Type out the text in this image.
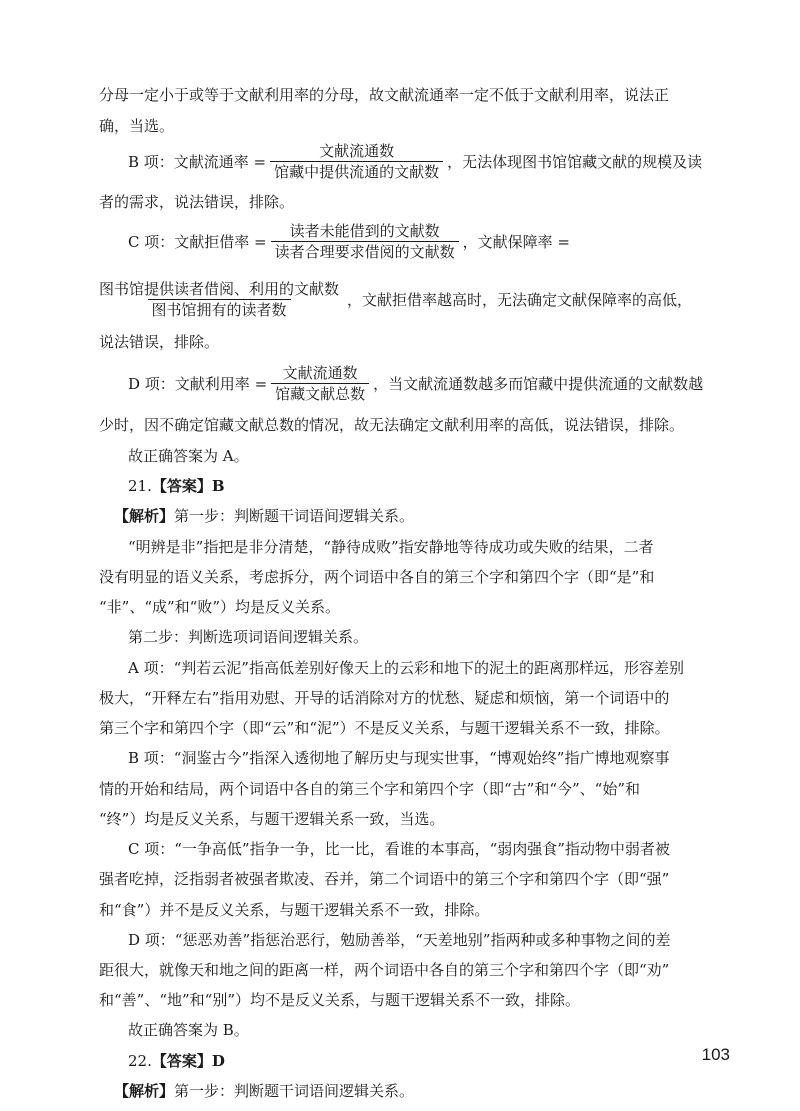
分母一定小于或等于文献利用率的分母，故文献流通率一定不低于文献利用率，说法正
确，当选。
B 项：文献流通率 = $\frac{\text{文献流通数}}{\text{馆藏中提供流通的文献数}}$ ，无法体现图书馆馆藏文献的规模及读
者的需求，说法错误，排除。
C 项：文献拒借率 = $\frac{\text{读者未能借到的文献数}}{\text{读者合理要求借阅的文献数}}$ ，文献保障率 =
$\frac{\text{图书馆提供读者借阅、利用的文献数}}{\text{图书馆拥有的读者数}}$ ，文献拒借率越高时，无法确定文献保障率的高低，
说法错误，排除。
D 项：文献利用率 = $\frac{\text{文献流通数}}{\text{馆藏文献总数}}$ ，当文献流通数越多而馆藏中提供流通的文献数越
少时，因不确定馆藏文献总数的情况，故无法确定文献利用率的高低，说法错误，排除。
故正确答案为 A。
21.【答案】B
【解析】第一步：判断题干词语间逻辑关系。
“明辨是非”指把是非分清楚，“静待成败”指安静地等待成功或失败的结果，二者
没有明显的语义关系，考虑拆分，两个词语中各自的第三个字和第四个字（即“是”和
“非”、“成”和“败”）均是反义关系。
第二步：判断选项词语间逻辑关系。
A 项：“判若云泥”指高低差别好像天上的云彩和地下的泥土的距离那样远，形容差别
极大，“开释左右”指用劝慰、开导的话消除对方的忧愁、疑虑和烦恼，第一个词语中的
第三个字和第四个字（即“云”和“泥”）不是反义关系，与题干逻辑关系不一致，排除。
B 项：“洞鉴古今”指深入透彻地了解历史与现实世事，“博观始终”指广博地观察事
情的开始和结局，两个词语中各自的第三个字和第四个字（即“古”和“今”、“始”和
“终”）均是反义关系，与题干逻辑关系一致，当选。
C 项：“一争高低”指争一争，比一比，看谁的本事高，“弱肉强食”指动物中弱者被
强者吃掉，泛指弱者被强者欺凌、吞并，第二个词语中的第三个字和第四个字（即“强”
和“食”）并不是反义关系，与题干逻辑关系不一致，排除。
D 项：“惩恶劝善”指惩治恶行，勉励善举，“天差地别”指两种或多种事物之间的差
距很大，就像天和地之间的距离一样，两个词语中各自的第三个字和第四个字（即“劝”
和“善”、“地”和“别”）均不是反义关系，与题干逻辑关系不一致，排除。
故正确答案为 B。
22.【答案】D
【解析】第一步：判断题干词语间逻辑关系。
103
